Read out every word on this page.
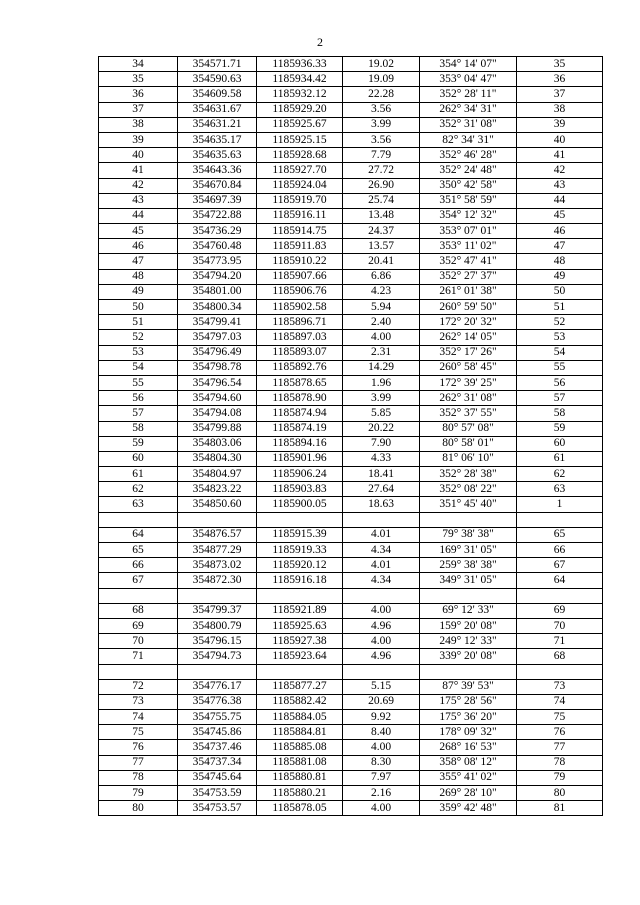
2
34	354571.71	1185936.33	19.02	354° 14' 07"	35
35	354590.63	1185934.42	19.09	353° 04' 47"	36
36	354609.58	1185932.12	22.28	352° 28' 11"	37
37	354631.67	1185929.20	3.56	262° 34' 31"	38
38	354631.21	1185925.67	3.99	352° 31' 08"	39
39	354635.17	1185925.15	3.56	82° 34' 31"	40
40	354635.63	1185928.68	7.79	352° 46' 28"	41
41	354643.36	1185927.70	27.72	352° 24' 48"	42
42	354670.84	1185924.04	26.90	350° 42' 58"	43
43	354697.39	1185919.70	25.74	351° 58' 59"	44
44	354722.88	1185916.11	13.48	354° 12' 32"	45
45	354736.29	1185914.75	24.37	353° 07' 01"	46
46	354760.48	1185911.83	13.57	353° 11' 02"	47
47	354773.95	1185910.22	20.41	352° 47' 41"	48
48	354794.20	1185907.66	6.86	352° 27' 37"	49
49	354801.00	1185906.76	4.23	261° 01' 38"	50
50	354800.34	1185902.58	5.94	260° 59' 50"	51
51	354799.41	1185896.71	2.40	172° 20' 32"	52
52	354797.03	1185897.03	4.00	262° 14' 05"	53
53	354796.49	1185893.07	2.31	352° 17' 26"	54
54	354798.78	1185892.76	14.29	260° 58' 45"	55
55	354796.54	1185878.65	1.96	172° 39' 25"	56
56	354794.60	1185878.90	3.99	262° 31' 08"	57
57	354794.08	1185874.94	5.85	352° 37' 55"	58
58	354799.88	1185874.19	20.22	80° 57' 08"	59
59	354803.06	1185894.16	7.90	80° 58' 01"	60
60	354804.30	1185901.96	4.33	81° 06' 10"	61
61	354804.97	1185906.24	18.41	352° 28' 38"	62
62	354823.22	1185903.83	27.64	352° 08' 22"	63
63	354850.60	1185900.05	18.63	351° 45' 40"	1

64	354876.57	1185915.39	4.01	79° 38' 38"	65
65	354877.29	1185919.33	4.34	169° 31' 05"	66
66	354873.02	1185920.12	4.01	259° 38' 38"	67
67	354872.30	1185916.18	4.34	349° 31' 05"	64

68	354799.37	1185921.89	4.00	69° 12' 33"	69
69	354800.79	1185925.63	4.96	159° 20' 08"	70
70	354796.15	1185927.38	4.00	249° 12' 33"	71
71	354794.73	1185923.64	4.96	339° 20' 08"	68

72	354776.17	1185877.27	5.15	87° 39' 53"	73
73	354776.38	1185882.42	20.69	175° 28' 56"	74
74	354755.75	1185884.05	9.92	175° 36' 20"	75
75	354745.86	1185884.81	8.40	178° 09' 32"	76
76	354737.46	1185885.08	4.00	268° 16' 53"	77
77	354737.34	1185881.08	8.30	358° 08' 12"	78
78	354745.64	1185880.81	7.97	355° 41' 02"	79
79	354753.59	1185880.21	2.16	269° 28' 10"	80
80	354753.57	1185878.05	4.00	359° 42' 48"	81
